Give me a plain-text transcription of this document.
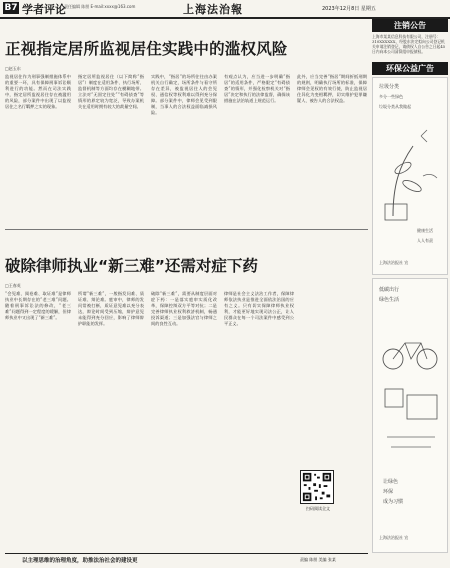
B7 学者评论
责任编辑 陈朋 E-mail:xxxx@163.com	上海法治報	2023年12月8日 星期五
正视指定居所监视居住实践中的滥权风险
□赵玉东
监视居住作为刑事强制措施体系中的重要一环，具有保障刑事诉讼顺利进行的功能。然而在司法实践中，指定居所监视居住存在被滥用的风险，部分案件中出现了以监视居住之名行羁押之实的现象。
指定居所监视居住（以下简称“指居”）制度在适用条件、执行场所、监督机制等方面均存在模糊地带。立法对“无固定住处”“有碍侦查”等情形的界定较为宽泛，导致办案机关在适用时拥有较大的裁量空间。
实践中，“指居”的场所往往由办案机关自行确定，场所条件与看守所存在差异，被监视居住人的会见权、通信权等权利难以得到充分保障。部分案件中，律师会见受到限制，当事人的合法权益面临减损风险。
有观点认为，应当进一步明确“指居”的适用条件，严格限定“有碍侦查”的情形，并强化检察机关对“指居”决定和执行的法律监督，确保该措施在法治轨道上规范运行。
此外，应当完善“指居”期间折抵刑期的规则，明确执行场所的标准，保障律师会见权的有效行使，防止监视居住异化为变相羁押，切实维护犯罪嫌疑人、被告人的合法权益。
破除律师执业“新三难”还需对症下药
□王春英
“会见难、阅卷难、取证难”是律师执业中长期存在的“老三难”问题。随着刑事诉讼法的修改，“老三难”问题得到一定程度的缓解，但律师执业中又出现了“新三难”。
所谓“新三难”，一般指发问难、质证难、辩论难。庭审中，律师的发问常被打断，质证意见难以充分表达，辩论时间受到压缩，辩护意见未能得到充分回应，影响了律师辩护职能的发挥。
破除“新三难”，需要从制度层面对症下药：一是落实庭审实质化改革，保障控辩双方平等对抗；二是完善律师执业权利救济机制，畅通投诉渠道；三是加强法官与律师之间的良性互动。
律师是社会主义法治工作者，保障律师依法执业是推进全面依法治国的应有之义。只有切实保障律师执业权利，才能更好地实现司法公正，让人民群众在每一个司法案件中感受到公平正义。
扫码阅读全文
以主理思维的治理角度，助推法治社会的建设更	责编 陈朋 美编 张某
注销公告
上海市某某信息科技有限公司，注册号：310XXXXXX，经股东决定拟向公司登记机关申请注销登记，请债权人自公告之日起45日内向本公司清算组申报债权。
环保公益广告
垃圾分类
多分一些绿色
垃圾分类从我做起
健康生活
人人有责
上海法治报社 宣
低碳出行
绿色生活
让绿色
环保
成为习惯
上海法治报社 宣
